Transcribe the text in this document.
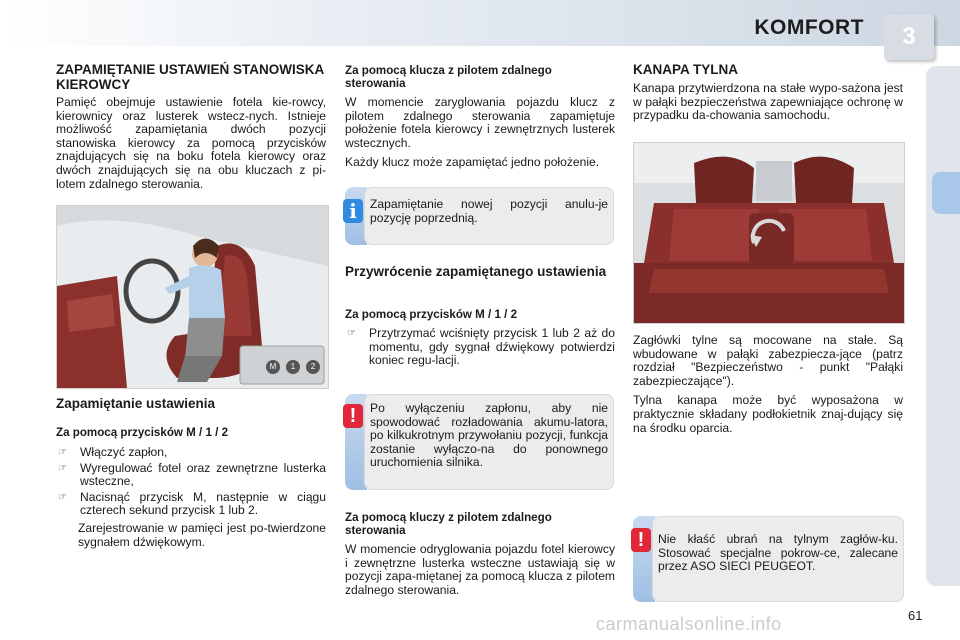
KOMFORT	3
ZAPAMIĘTANIE USTAWIEŃ STANOWISKA KIEROWCY

Pamięć obejmuje ustawienie fotela kie-rowcy, kierownicy oraz lusterek wstecz-nych. Istnieje możliwość zapamiętania dwóch pozycji stanowiska kierowcy za pomocą przycisków znajdujących się na boku fotela kierowcy oraz dwóch znajdujących się na obu kluczach z pi-lotem zdalnego sterowania.

M	1	2
Zapamiętanie ustawienia
Za pomocą przycisków M / 1 / 2
☞	Włączyć zapłon,
☞	Wyregulować fotel oraz zewnętrzne lusterka wsteczne,
☞	Nacisnąć przycisk M, następnie w ciągu czterech sekund przycisk 1 lub 2.

Zarejestrowanie w pamięci jest po-twierdzone sygnałem dźwiękowym.

Za pomocą klucza z pilotem zdalnego sterowania

W momencie zaryglowania pojazdu klucz z pilotem zdalnego sterowania zapamiętuje położenie fotela kierowcy i zewnętrznych lusterek wstecznych.

Każdy klucz może zapamiętać jedno położenie.

Zapamiętanie nowej pozycji anulu-je pozycję poprzednią.

i
Przywrócenie zapamiętanego ustawienia
Za pomocą przycisków M / 1 / 2
☞	Przytrzymać wciśnięty przycisk 1 lub 2 aż do momentu, gdy sygnał dźwiękowy potwierdzi koniec regu-lacji.

Po wyłączeniu zapłonu, aby nie spowodować rozładowania akumu-latora, po kilkukrotnym przywołaniu pozycji, funkcja zostanie wyłączo-na do ponownego uruchomienia silnika.

!
Za pomocą kluczy z pilotem zdalnego sterowania

W momencie odryglowania pojazdu fotel kierowcy i zewnętrzne lusterka wsteczne ustawiają się w pozycji zapa-miętanej za pomocą klucza z pilotem zdalnego sterowania.

KANAPA TYLNA

Kanapa przytwierdzona na stałe wypo-sażona jest w pałąki bezpieczeństwa zapewniające ochronę w przypadku da-chowania samochodu.

Zagłówki tylne są mocowane na stałe. Są wbudowane w pałąki zabezpiecza-jące (patrz rozdział "Bezpieczeństwo - punkt "Pałąki zabezpieczające").

Tylna kanapa może być wyposażona w praktycznie składany podłokietnik znaj-dujący się na środku oparcia.

Nie kłaść ubrań na tylnym zagłów-ku. Stosować specjalne pokrow-ce, zalecane przez ASO SIECI PEUGEOT.

!
carmanualsonline.info	61
